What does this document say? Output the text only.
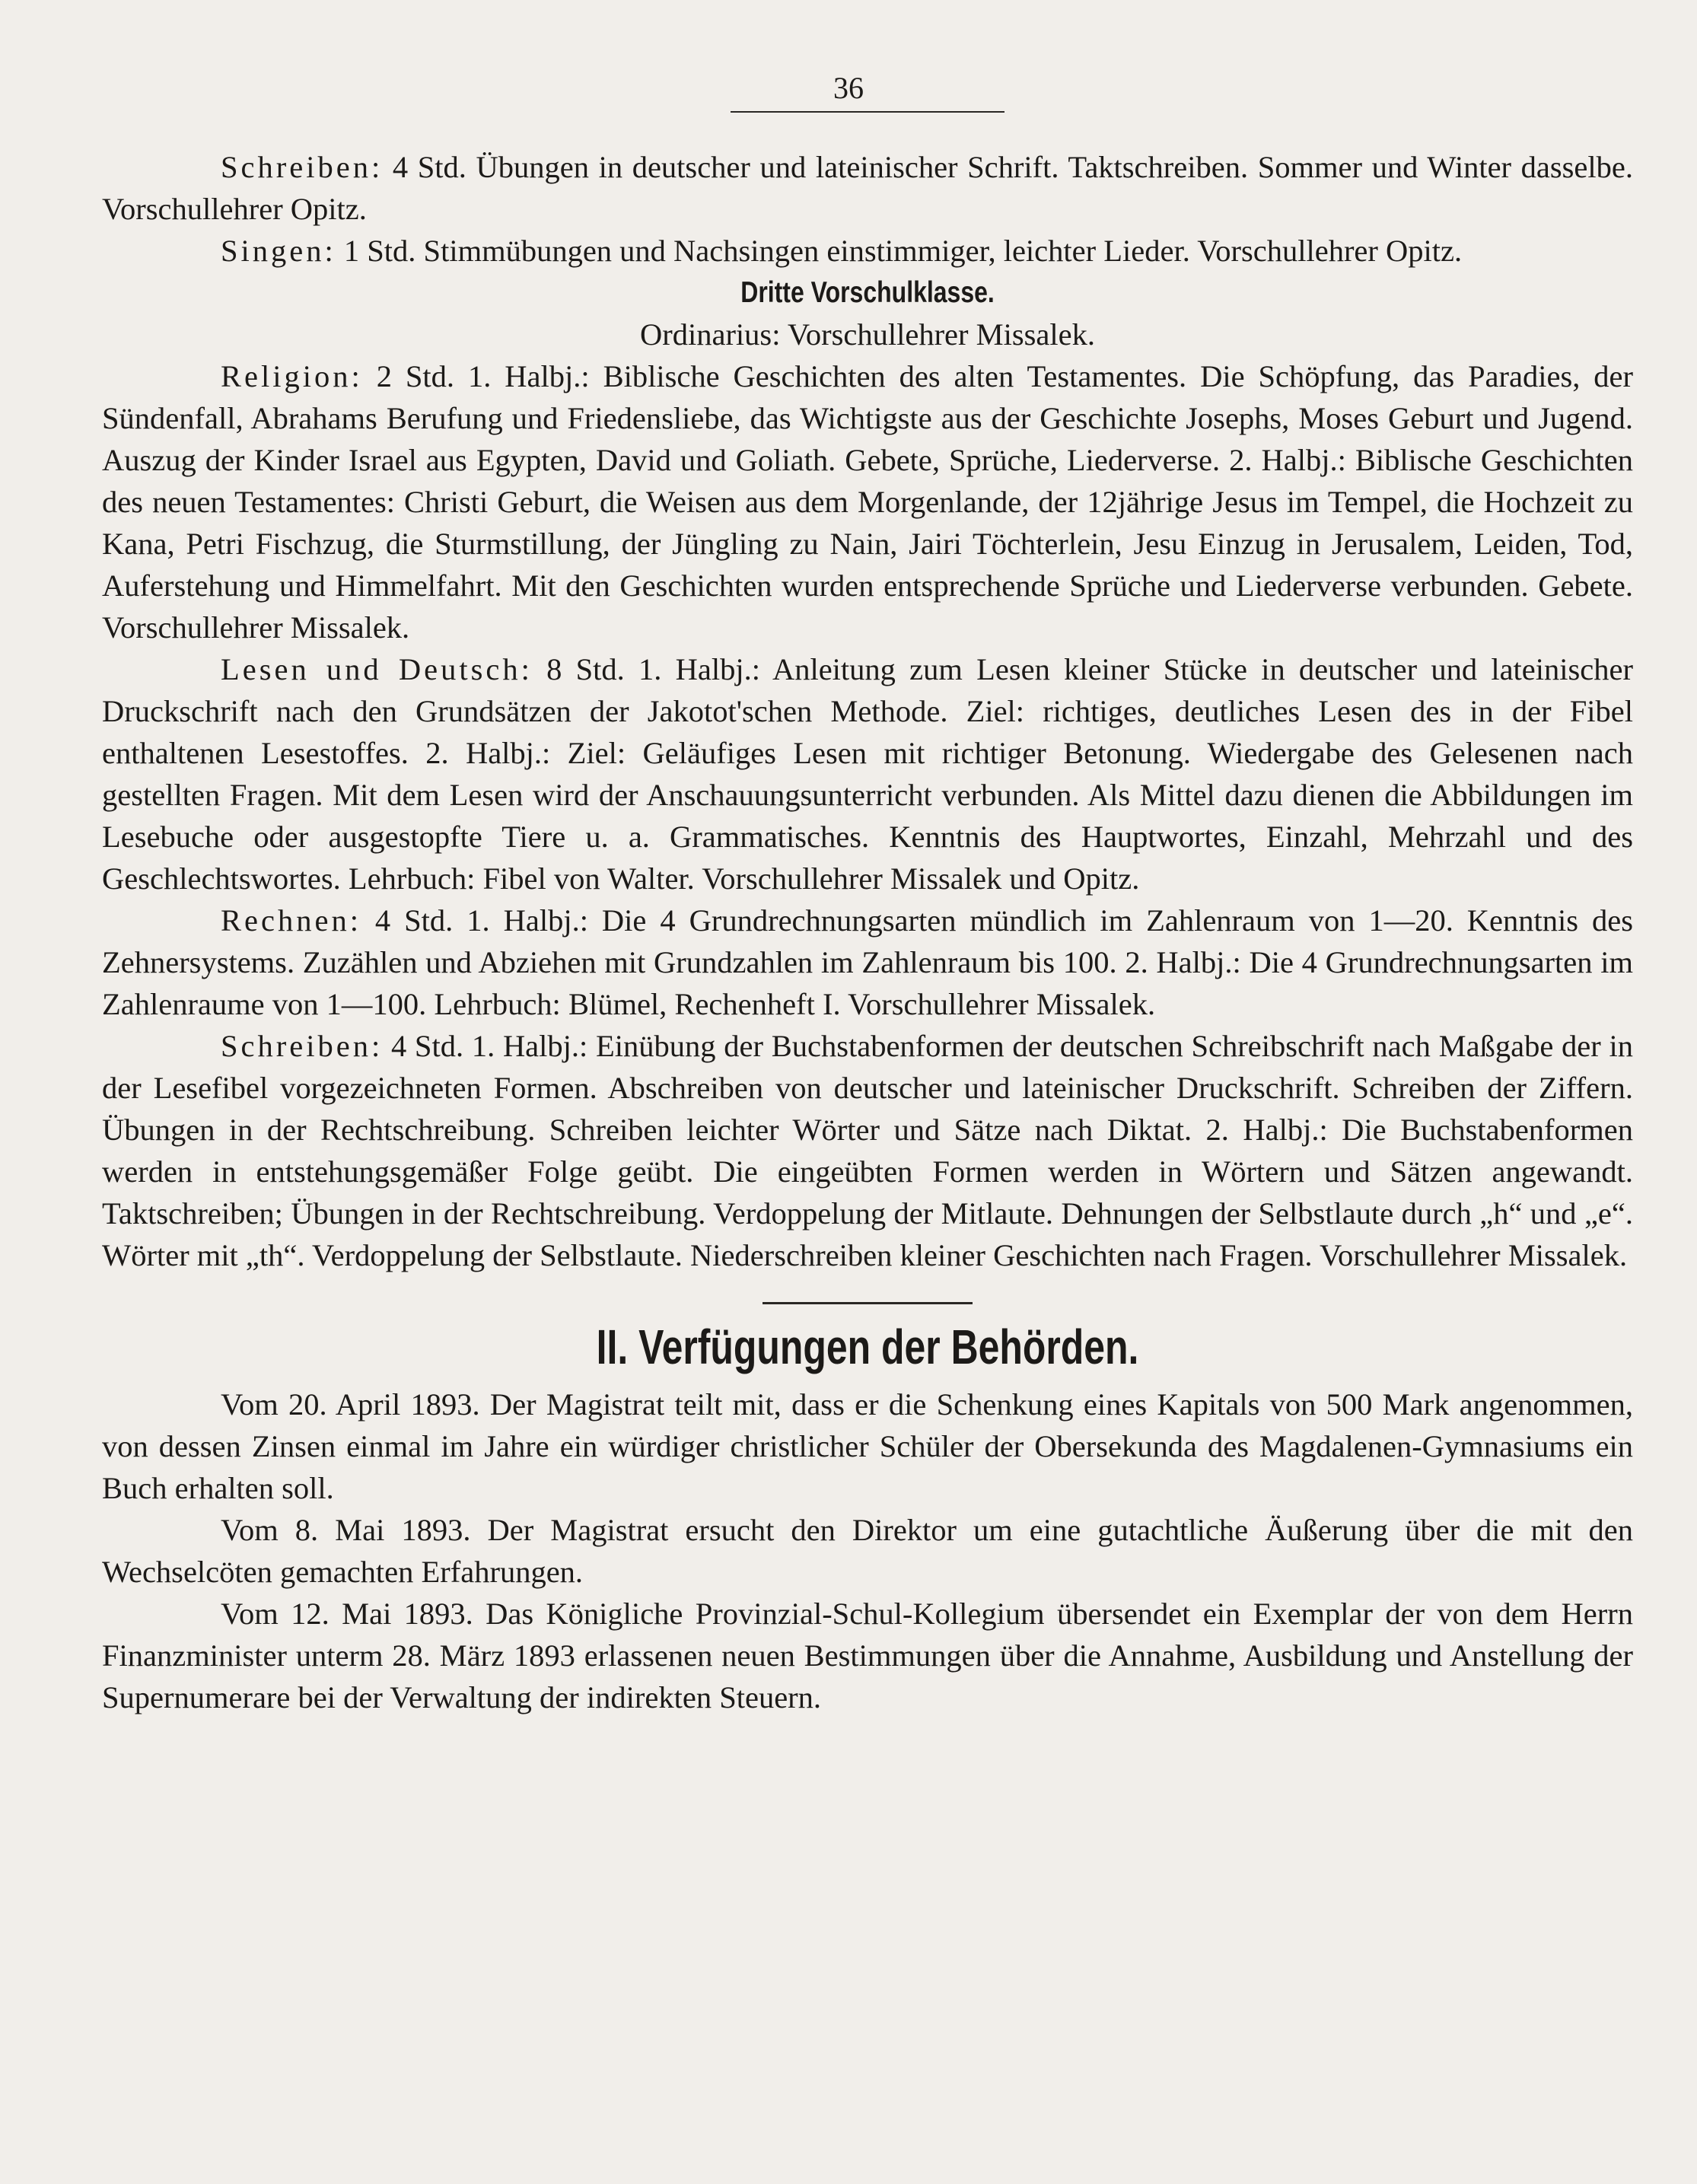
36

Schreiben: 4 Std. Übungen in deutscher und lateinischer Schrift. Taktschreiben. Sommer und Winter dasselbe. Vorschullehrer Opitz.

Singen: 1 Std. Stimmübungen und Nachsingen einstimmiger, leichter Lieder. Vorschullehrer Opitz.

Dritte Vorschulklasse.
Ordinarius: Vorschullehrer Missalek.

Religion: 2 Std. 1. Halbj.: Biblische Geschichten des alten Testamentes. Die Schöpfung, das Paradies, der Sündenfall, Abrahams Berufung und Friedensliebe, das Wichtigste aus der Geschichte Josephs, Moses Geburt und Jugend. Auszug der Kinder Israel aus Egypten, David und Goliath. Gebete, Sprüche, Liederverse. 2. Halbj.: Biblische Geschichten des neuen Testamentes: Christi Geburt, die Weisen aus dem Morgenlande, der 12jährige Jesus im Tempel, die Hochzeit zu Kana, Petri Fischzug, die Sturmstillung, der Jüngling zu Nain, Jairi Töchterlein, Jesu Einzug in Jerusalem, Leiden, Tod, Auferstehung und Himmelfahrt. Mit den Geschichten wurden entsprechende Sprüche und Liederverse verbunden. Gebete. Vorschullehrer Missalek.

Lesen und Deutsch: 8 Std. 1. Halbj.: Anleitung zum Lesen kleiner Stücke in deutscher und lateinischer Druckschrift nach den Grundsätzen der Jakotot'schen Methode. Ziel: richtiges, deutliches Lesen des in der Fibel enthaltenen Lesestoffes. 2. Halbj.: Ziel: Geläufiges Lesen mit richtiger Betonung. Wiedergabe des Gelesenen nach gestellten Fragen. Mit dem Lesen wird der Anschauungsunterricht verbunden. Als Mittel dazu dienen die Abbildungen im Lesebuche oder ausgestopfte Tiere u. a. Grammatisches. Kenntnis des Hauptwortes, Einzahl, Mehrzahl und des Geschlechtswortes. Lehrbuch: Fibel von Walter. Vorschullehrer Missalek und Opitz.

Rechnen: 4 Std. 1. Halbj.: Die 4 Grundrechnungsarten mündlich im Zahlenraum von 1—20. Kenntnis des Zehnersystems. Zuzählen und Abziehen mit Grundzahlen im Zahlenraum bis 100. 2. Halbj.: Die 4 Grundrechnungsarten im Zahlenraume von 1—100. Lehrbuch: Blümel, Rechenheft I. Vorschullehrer Missalek.

Schreiben: 4 Std. 1. Halbj.: Einübung der Buchstabenformen der deutschen Schreibschrift nach Maßgabe der in der Lesefibel vorgezeichneten Formen. Abschreiben von deutscher und lateinischer Druckschrift. Schreiben der Ziffern. Übungen in der Rechtschreibung. Schreiben leichter Wörter und Sätze nach Diktat. 2. Halbj.: Die Buchstabenformen werden in entstehungsgemäßer Folge geübt. Die eingeübten Formen werden in Wörtern und Sätzen angewandt. Taktschreiben; Übungen in der Rechtschreibung. Verdoppelung der Mitlaute. Dehnungen der Selbstlaute durch „h“ und „e“. Wörter mit „th“. Verdoppelung der Selbstlaute. Niederschreiben kleiner Geschichten nach Fragen. Vorschullehrer Missalek.

II. Verfügungen der Behörden.

Vom 20. April 1893. Der Magistrat teilt mit, dass er die Schenkung eines Kapitals von 500 Mark angenommen, von dessen Zinsen einmal im Jahre ein würdiger christlicher Schüler der Obersekunda des Magdalenen-Gymnasiums ein Buch erhalten soll.

Vom 8. Mai 1893. Der Magistrat ersucht den Direktor um eine gutachtliche Äußerung über die mit den Wechselcöten gemachten Erfahrungen.

Vom 12. Mai 1893. Das Königliche Provinzial-Schul-Kollegium übersendet ein Exemplar der von dem Herrn Finanzminister unterm 28. März 1893 erlassenen neuen Bestimmungen über die Annahme, Ausbildung und Anstellung der Supernumerare bei der Verwaltung der indirekten Steuern.
